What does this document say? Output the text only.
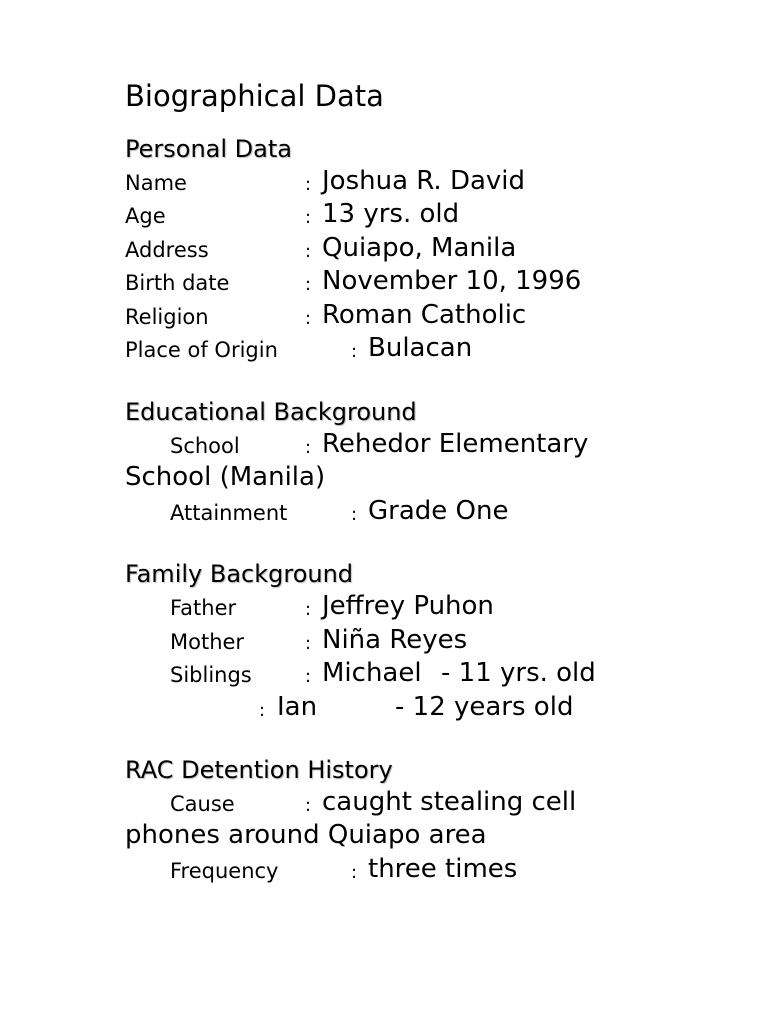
Biographical Data
Personal Data
Name	: Joshua R. David
Age	: 13 yrs. old
Address	: Quiapo, Manila
Birth date	: November 10, 1996
Religion	: Roman Catholic
Place of Origin	: Bulacan
Educational Background
School	: Rehedor Elementary
School (Manila)
Attainment	: Grade One
Family Background
Father	: Jeffrey Puhon
Mother	: Niña Reyes
Siblings	: Michael - 11 yrs. old
: Ian	- 12 years old
RAC Detention History
Cause	: caught stealing cell
phones around Quiapo area
Frequency	: three times
